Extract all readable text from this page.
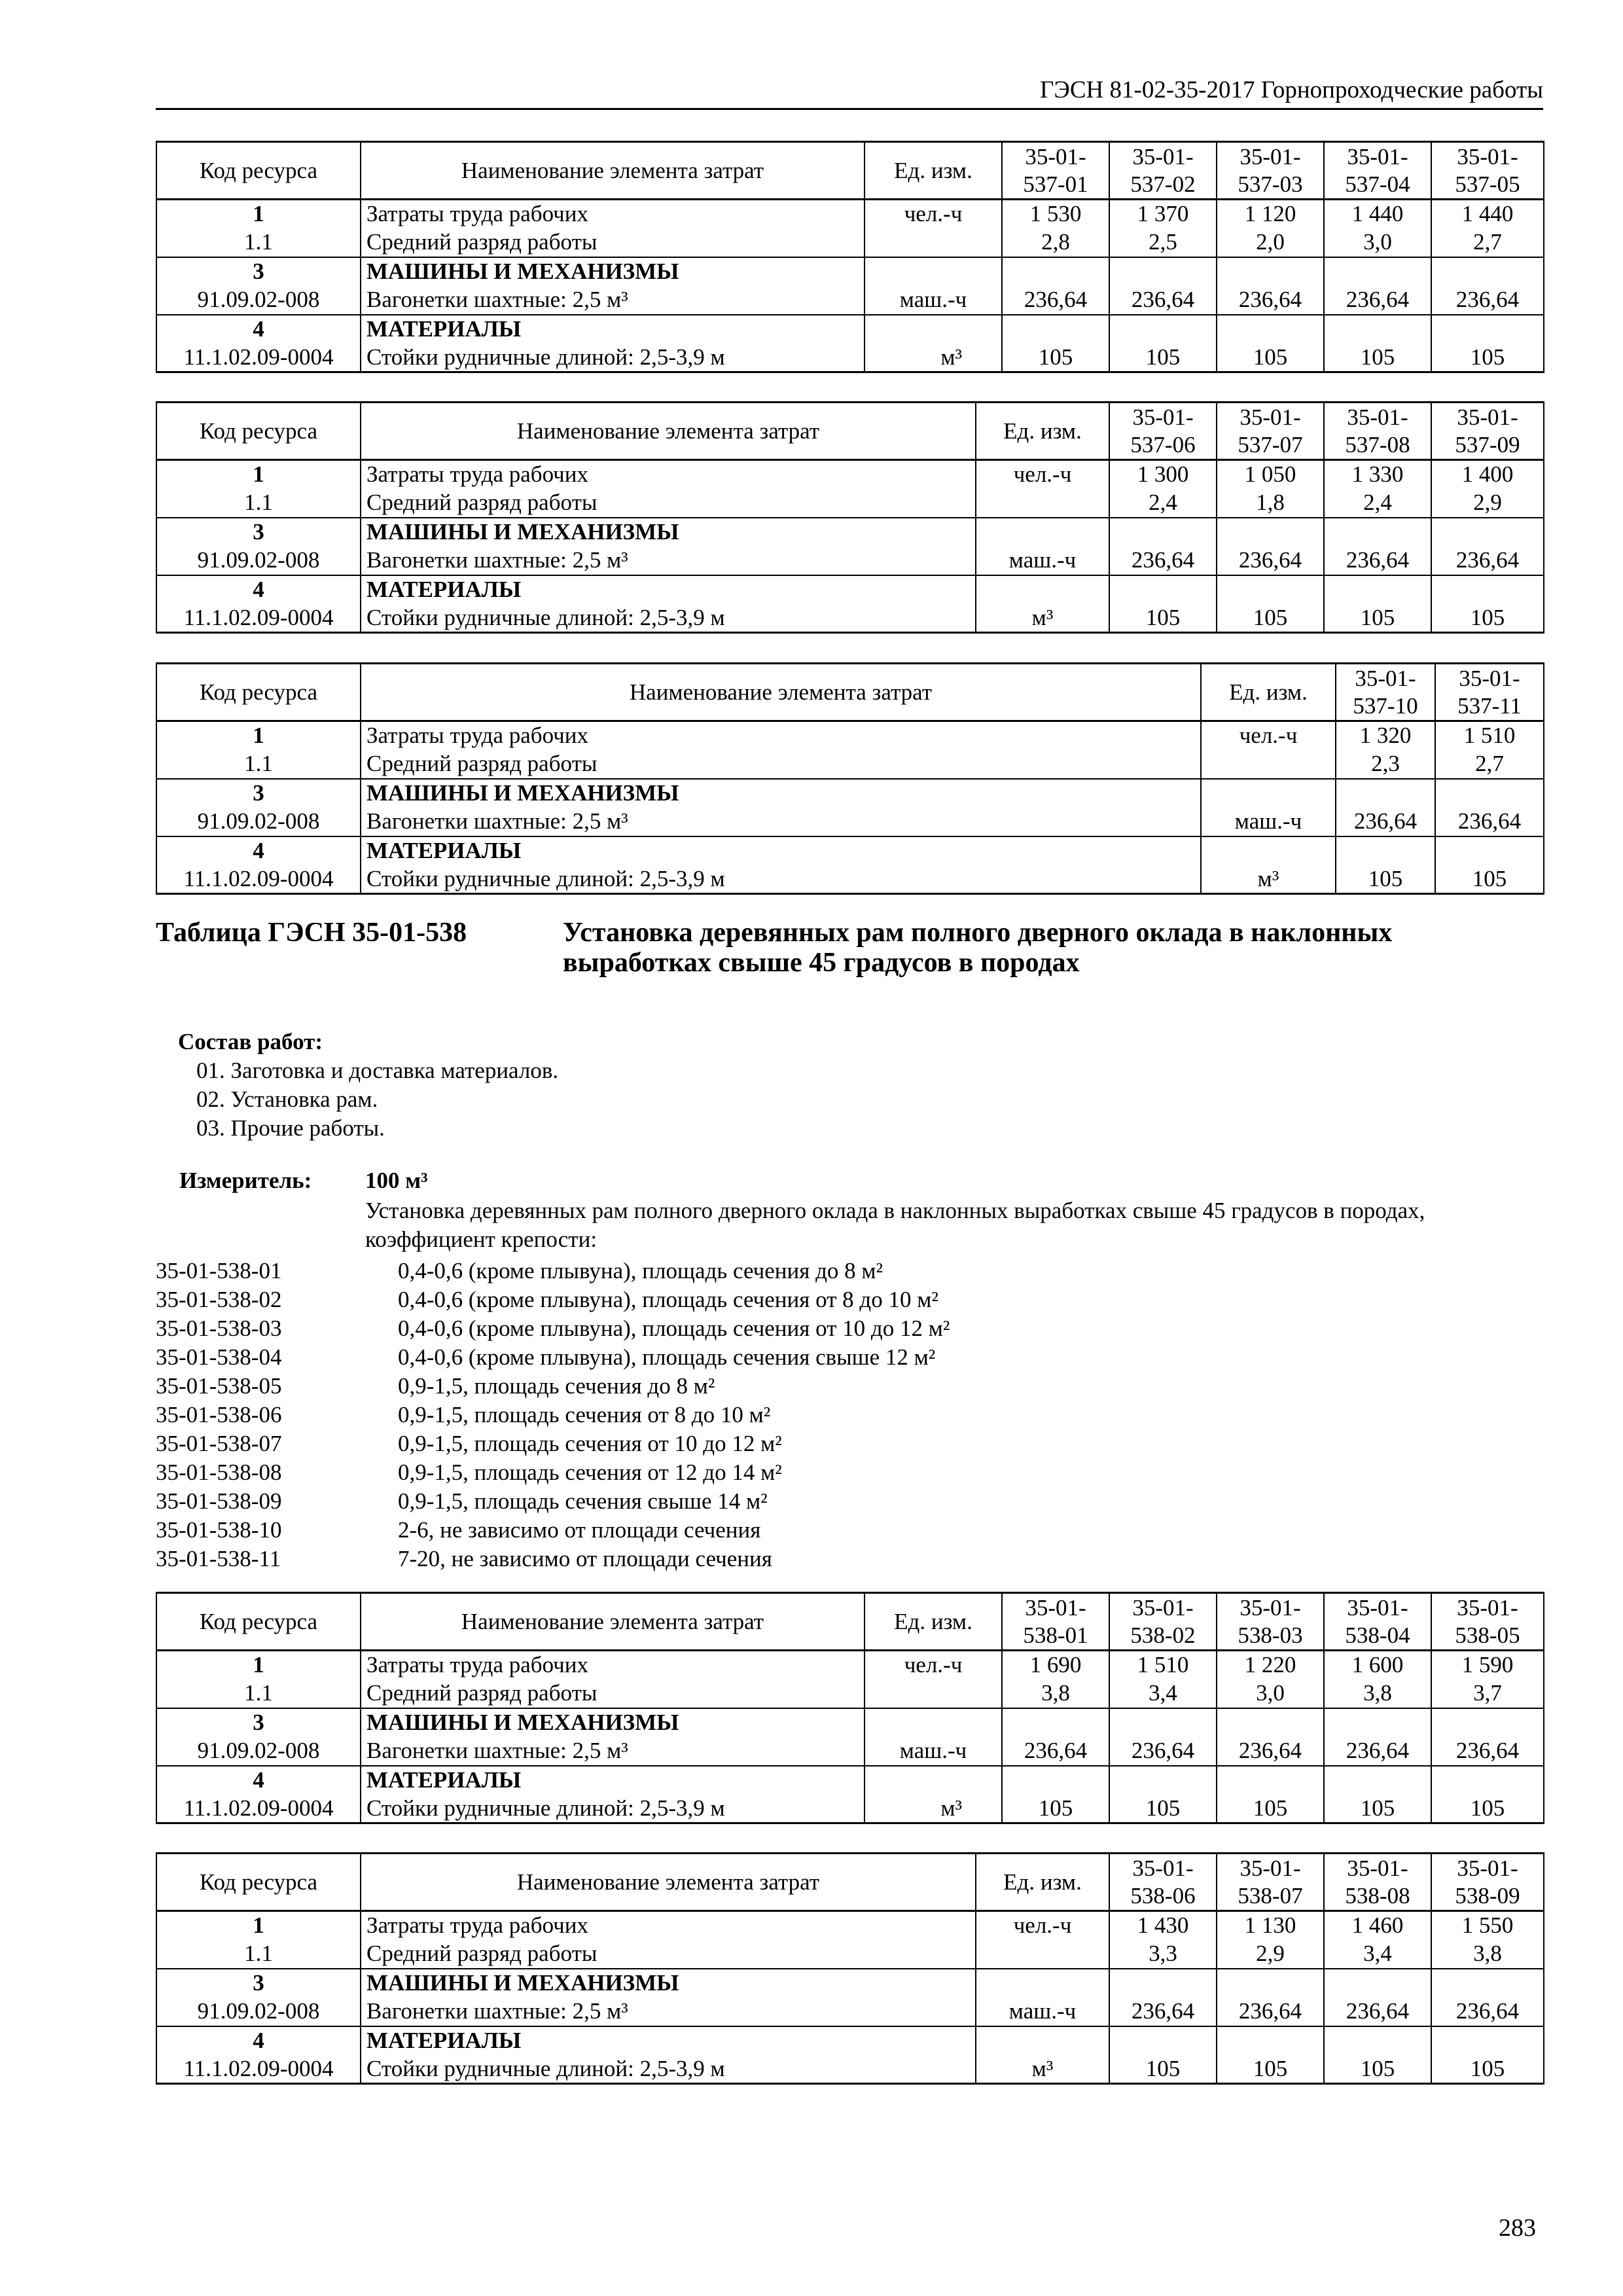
ГЭСН 81-02-35-2017 Горнопроходческие работы
Код ресурса	Наименование элемента затрат	Ед. изм.	35-01-537-01	35-01-537-02	35-01-537-03	35-01-537-04	35-01-537-05
1	Затраты труда рабочих	чел.-ч	1 530	1 370	1 120	1 440	1 440
1.1	Средний разряд работы		2,8	2,5	2,0	3,0	2,7
3	МАШИНЫ И МЕХАНИЗМЫ						
91.09.02-008	Вагонетки шахтные: 2,5 м³	маш.-ч	236,64	236,64	236,64	236,64	236,64
4	МАТЕРИАЛЫ						
11.1.02.09-0004	Стойки рудничные длиной: 2,5-3,9 м	м³	105	105	105	105	105
Код ресурса	Наименование элемента затрат	Ед. изм.	35-01-537-06	35-01-537-07	35-01-537-08	35-01-537-09
1	Затраты труда рабочих	чел.-ч	1 300	1 050	1 330	1 400
1.1	Средний разряд работы		2,4	1,8	2,4	2,9
3	МАШИНЫ И МЕХАНИЗМЫ					
91.09.02-008	Вагонетки шахтные: 2,5 м³	маш.-ч	236,64	236,64	236,64	236,64
4	МАТЕРИАЛЫ					
11.1.02.09-0004	Стойки рудничные длиной: 2,5-3,9 м	м³	105	105	105	105
Код ресурса	Наименование элемента затрат	Ед. изм.	35-01-537-10	35-01-537-11
1	Затраты труда рабочих	чел.-ч	1 320	1 510
1.1	Средний разряд работы		2,3	2,7
3	МАШИНЫ И МЕХАНИЗМЫ			
91.09.02-008	Вагонетки шахтные: 2,5 м³	маш.-ч	236,64	236,64
4	МАТЕРИАЛЫ			
11.1.02.09-0004	Стойки рудничные длиной: 2,5-3,9 м	м³	105	105
Таблица ГЭСН 35-01-538	Установка деревянных рам полного дверного оклада в наклонных выработках свыше 45 градусов в породах
Состав работ:
01. Заготовка и доставка материалов.
02. Установка рам.
03. Прочие работы.
Измеритель: 100 м³
Установка деревянных рам полного дверного оклада в наклонных выработках свыше 45 градусов в породах, коэффициент крепости:
35-01-538-01	0,4-0,6 (кроме плывуна), площадь сечения до 8 м²
35-01-538-02	0,4-0,6 (кроме плывуна), площадь сечения от 8 до 10 м²
35-01-538-03	0,4-0,6 (кроме плывуна), площадь сечения от 10 до 12 м²
35-01-538-04	0,4-0,6 (кроме плывуна), площадь сечения свыше 12 м²
35-01-538-05	0,9-1,5, площадь сечения до 8 м²
35-01-538-06	0,9-1,5, площадь сечения от 8 до 10 м²
35-01-538-07	0,9-1,5, площадь сечения от 10 до 12 м²
35-01-538-08	0,9-1,5, площадь сечения от 12 до 14 м²
35-01-538-09	0,9-1,5, площадь сечения свыше 14 м²
35-01-538-10	2-6, не зависимо от площади сечения
35-01-538-11	7-20, не зависимо от площади сечения
Код ресурса	Наименование элемента затрат	Ед. изм.	35-01-538-01	35-01-538-02	35-01-538-03	35-01-538-04	35-01-538-05
1	Затраты труда рабочих	чел.-ч	1 690	1 510	1 220	1 600	1 590
1.1	Средний разряд работы		3,8	3,4	3,0	3,8	3,7
3	МАШИНЫ И МЕХАНИЗМЫ						
91.09.02-008	Вагонетки шахтные: 2,5 м³	маш.-ч	236,64	236,64	236,64	236,64	236,64
4	МАТЕРИАЛЫ						
11.1.02.09-0004	Стойки рудничные длиной: 2,5-3,9 м	м³	105	105	105	105	105
Код ресурса	Наименование элемента затрат	Ед. изм.	35-01-538-06	35-01-538-07	35-01-538-08	35-01-538-09
1	Затраты труда рабочих	чел.-ч	1 430	1 130	1 460	1 550
1.1	Средний разряд работы		3,3	2,9	3,4	3,8
3	МАШИНЫ И МЕХАНИЗМЫ					
91.09.02-008	Вагонетки шахтные: 2,5 м³	маш.-ч	236,64	236,64	236,64	236,64
4	МАТЕРИАЛЫ					
11.1.02.09-0004	Стойки рудничные длиной: 2,5-3,9 м	м³	105	105	105	105
283
